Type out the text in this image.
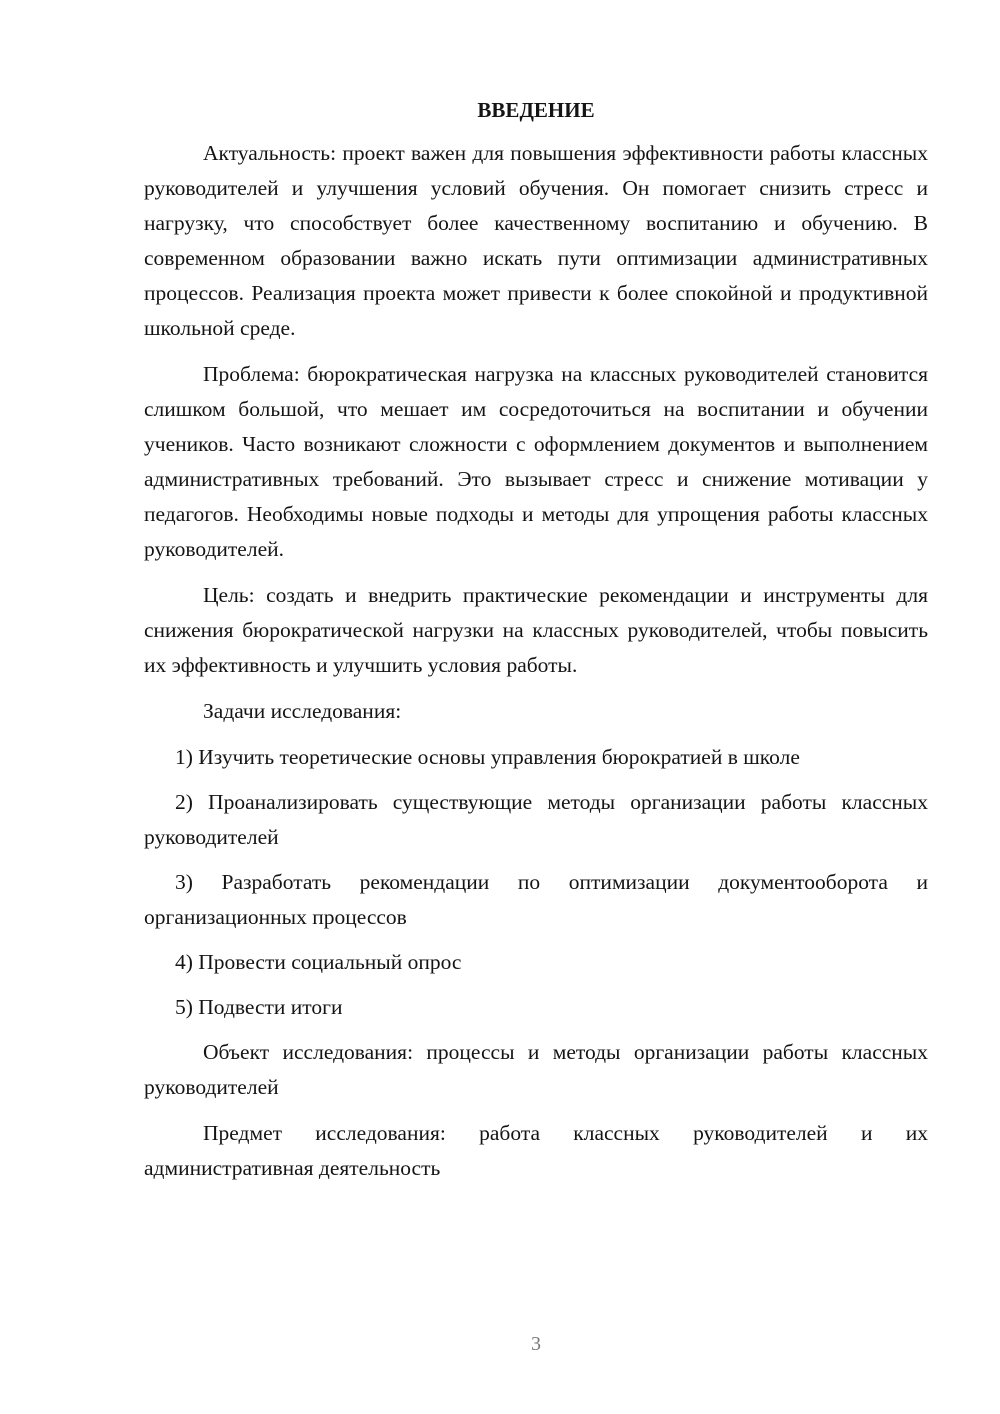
ВВЕДЕНИЕ

Актуальность: проект важен для повышения эффективности работы классных руководителей и улучшения условий обучения. Он помогает снизить стресс и нагрузку, что способствует более качественному воспитанию и обучению. В современном образовании важно искать пути оптимизации административных процессов. Реализация проекта может привести к более спокойной и продуктивной школьной среде.

Проблема: бюрократическая нагрузка на классных руководителей становится слишком большой, что мешает им сосредоточиться на воспитании и обучении учеников. Часто возникают сложности с оформлением документов и выполнением административных требований. Это вызывает стресс и снижение мотивации у педагогов. Необходимы новые подходы и методы для упрощения работы классных руководителей.

Цель: создать и внедрить практические рекомендации и инструменты для снижения бюрократической нагрузки на классных руководителей, чтобы повысить их эффективность и улучшить условия работы.

Задачи исследования:

1) Изучить теоретические основы управления бюрократией в школе

2) Проанализировать существующие методы организации работы классных руководителей

3) Разработать рекомендации по оптимизации документооборота и организационных процессов

4) Провести социальный опрос

5) Подвести итоги

Объект исследования: процессы и методы организации работы классных руководителей

Предмет исследования: работа классных руководителей и их административная деятельность

3
